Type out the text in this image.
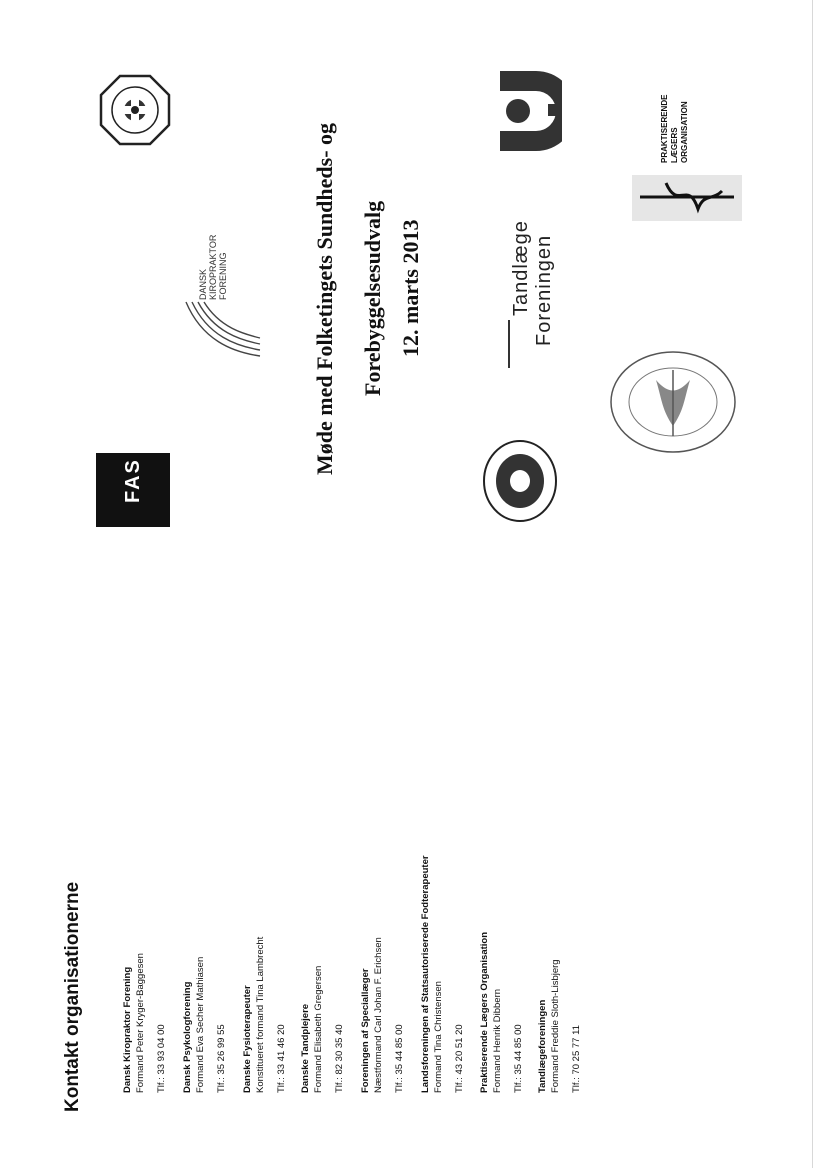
Kontakt organisationerne	Dansk Kiropraktor Forening Formand Peter Kryger-Baggesen Tlf.: 33 93 04 00 Dansk Psykologforening Formand Eva Secher Mathiasen Tlf.: 35 26 99 55 Danske Fysioterapeuter Konstitueret formand Tina Lambrecht Tlf.: 33 41 46 20 Danske Tandplejere Formand Elisabeth Gregersen Tlf.: 82 30 35 40 Foreningen af Speciallæger Næstformand Carl Johan F. Erichsen Tlf.: 35 44 85 00 Landsforeningen af Statsautoriserede Fodterapeuter Formand Tina Christensen Tlf.: 43 20 51 20 Praktiserende Lægers Organisation Formand Henrik Dibbern Tlf.: 35 44 85 00 Tandlægeforeningen Formand Freddie Sloth-Lisbjerg Tlf.: 70 25 77 11
Møde med Folketingets Sundheds- og Forebyggelsesudvalg 12. marts 2013
FAS
DANSK KIROPRAKTOR FORENING	Tandlæge Foreningen
PRAKTISERENDE LÆGERS ORGANISATION
